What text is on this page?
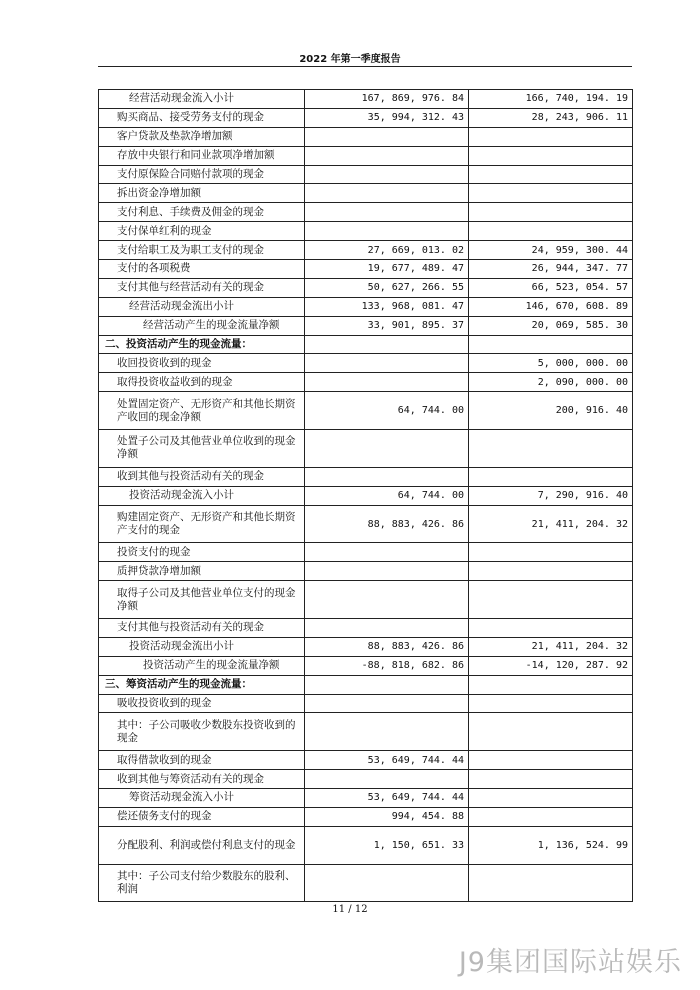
2022 年第一季度报告
经营活动现金流入小计	167, 869, 976. 84	166, 740, 194. 19
购买商品、接受劳务支付的现金	35, 994, 312. 43	28, 243, 906. 11
客户贷款及垫款净增加额		
存放中央银行和同业款项净增加额		
支付原保险合同赔付款项的现金		
拆出资金净增加额		
支付利息、手续费及佣金的现金		
支付保单红利的现金		
支付给职工及为职工支付的现金	27, 669, 013. 02	24, 959, 300. 44
支付的各项税费	19, 677, 489. 47	26, 944, 347. 77
支付其他与经营活动有关的现金	50, 627, 266. 55	66, 523, 054. 57
经营活动现金流出小计	133, 968, 081. 47	146, 670, 608. 89
经营活动产生的现金流量净额	33, 901, 895. 37	20, 069, 585. 30
二、投资活动产生的现金流量：		
收回投资收到的现金		5, 000, 000. 00
取得投资收益收到的现金		2, 090, 000. 00
处置固定资产、无形资产和其他长期资产收回的现金净额	64, 744. 00	200, 916. 40
处置子公司及其他营业单位收到的现金净额		
收到其他与投资活动有关的现金		
投资活动现金流入小计	64, 744. 00	7, 290, 916. 40
购建固定资产、无形资产和其他长期资产支付的现金	88, 883, 426. 86	21, 411, 204. 32
投资支付的现金		
质押贷款净增加额		
取得子公司及其他营业单位支付的现金净额		
支付其他与投资活动有关的现金		
投资活动现金流出小计	88, 883, 426. 86	21, 411, 204. 32
投资活动产生的现金流量净额	-88, 818, 682. 86	-14, 120, 287. 92
三、筹资活动产生的现金流量：		
吸收投资收到的现金		
其中：子公司吸收少数股东投资收到的现金		
取得借款收到的现金	53, 649, 744. 44	
收到其他与筹资活动有关的现金		
筹资活动现金流入小计	53, 649, 744. 44	
偿还债务支付的现金	994, 454. 88	
分配股利、利润或偿付利息支付的现金	1, 150, 651. 33	1, 136, 524. 99
其中：子公司支付给少数股东的股利、利润		
11 / 12
J9集团国际站娱乐
